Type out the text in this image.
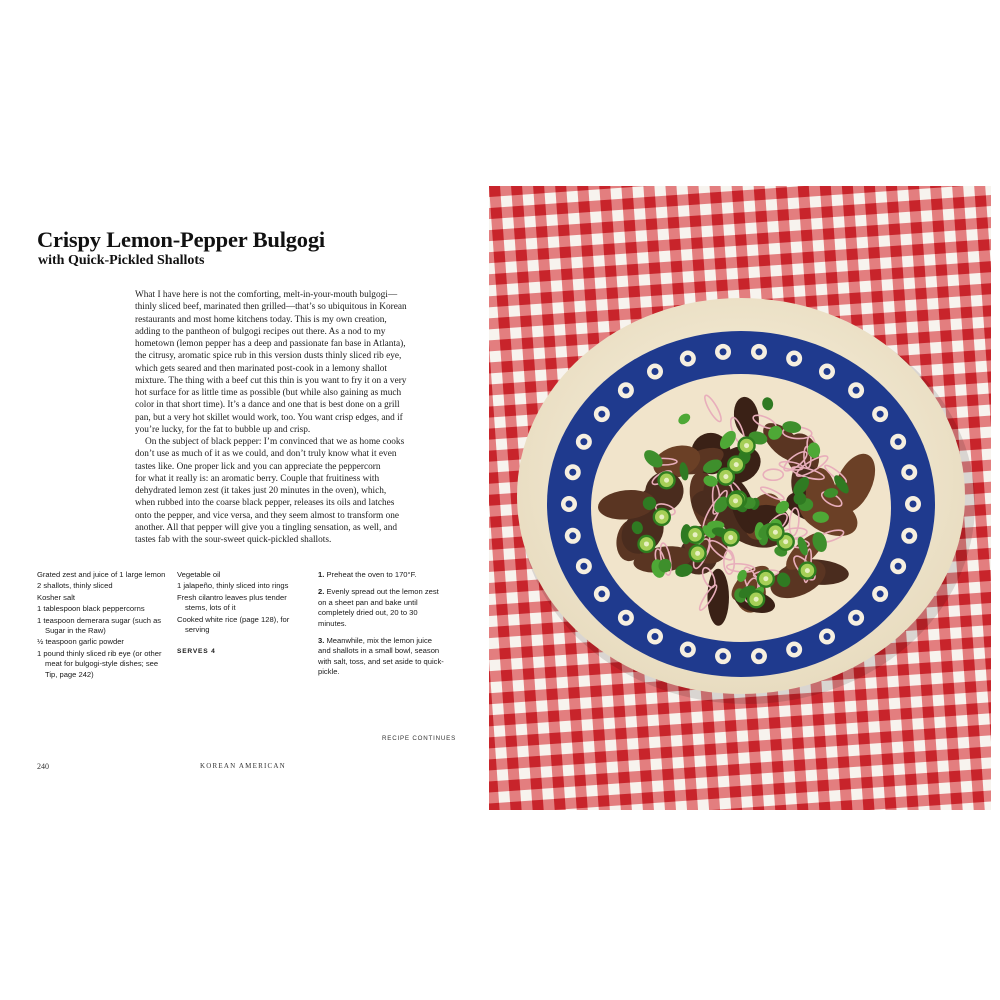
Crispy Lemon-Pepper Bulgogi
with Quick-Pickled Shallots

What I have here is not the comforting, melt-in-your-mouth bulgogi—

thinly sliced beef, marinated then grilled—that’s so ubiquitous in Korean

restaurants and most home kitchens today. This is my own creation,

adding to the pantheon of bulgogi recipes out there. As a nod to my

hometown (lemon pepper has a deep and passionate fan base in Atlanta),

the citrusy, aromatic spice rub in this version dusts thinly sliced rib eye,

which gets seared and then marinated post-cook in a lemony shallot

mixture. The thing with a beef cut this thin is you want to fry it on a very

hot surface for as little time as possible (but while also gaining as much

color in that short time). It’s a dance and one that is best done on a grill

pan, but a very hot skillet would work, too. You want crisp edges, and if

you’re lucky, for the fat to bubble up and crisp.

On the subject of black pepper: I’m convinced that we as home cooks

don’t use as much of it as we could, and don’t truly know what it even

tastes like. One proper lick and you can appreciate the peppercorn

for what it really is: an aromatic berry. Couple that fruitiness with

dehydrated lemon zest (it takes just 20 minutes in the oven), which,

when rubbed into the coarse black pepper, releases its oils and latches

onto the pepper, and vice versa, and they seem almost to transform one

another. All that pepper will give you a tingling sensation, as well, and

tastes fab with the sour-sweet quick-pickled shallots.

Grated zest and juice of 1 large lemon

2 shallots, thinly sliced

Kosher salt

1 tablespoon black peppercorns

1 teaspoon demerara sugar (such as Sugar in the Raw)

½ teaspoon garlic powder

1 pound thinly sliced rib eye (or other meat for bulgogi-style dishes; see Tip, page 242)

Vegetable oil

1 jalapeño, thinly sliced into rings

Fresh cilantro leaves plus tender stems, lots of it

Cooked white rice (page 128), for serving

SERVES 4

1. Preheat the oven to 170°F.

2. Evenly spread out the lemon zest on a sheet pan and bake until completely dried out, 20 to 30 minutes.

3. Meanwhile, mix the lemon juice and shallots in a small bowl, season with salt, toss, and set aside to quick-pickle.

RECIPE CONTINUES
240	KOREAN AMERICAN
